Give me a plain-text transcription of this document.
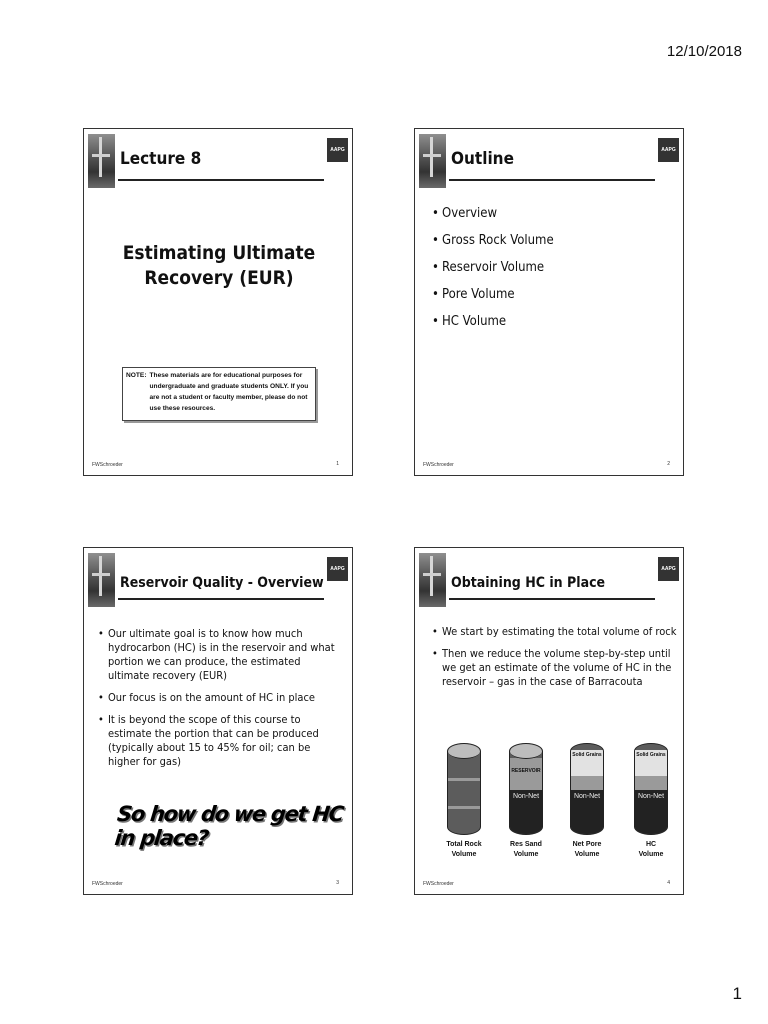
12/10/2018
AAPG
Lecture 8
Estimating Ultimate
Recovery (EUR)
NOTE: These materials are for educational purposes for undergraduate and graduate students ONLY. If you are not a student or faculty member, please do not use these resources.
FWSchroeder	1
AAPG
Outline
• Overview
• Gross Rock Volume
• Reservoir Volume
• Pore Volume
• HC Volume
FWSchroeder	2
AAPG
Reservoir Quality - Overview
• Our ultimate goal is to know how much hydrocarbon (HC) is in the reservoir and what portion we can produce, the estimated ultimate recovery (EUR)
• Our focus is on the amount of HC in place
• It is beyond the scope of this course to estimate the portion that can be produced (typically about 15 to 45% for oil; can be higher for gas)
So how do we get HC in place?
FWSchroeder	3
AAPG
Obtaining HC in Place
• We start by estimating the total volume of rock
• Then we reduce the volume step-by-step until we get an estimate of the volume of HC in the reservoir – gas in the case of Barracouta
RESERVOIR
Non-Net
Solid Grains
Non-Net
Solid Grains
Non-Net
Total Rock
Volume
Res Sand
Volume
Net Pore
Volume
HC
Volume
FWSchroeder	4
1
